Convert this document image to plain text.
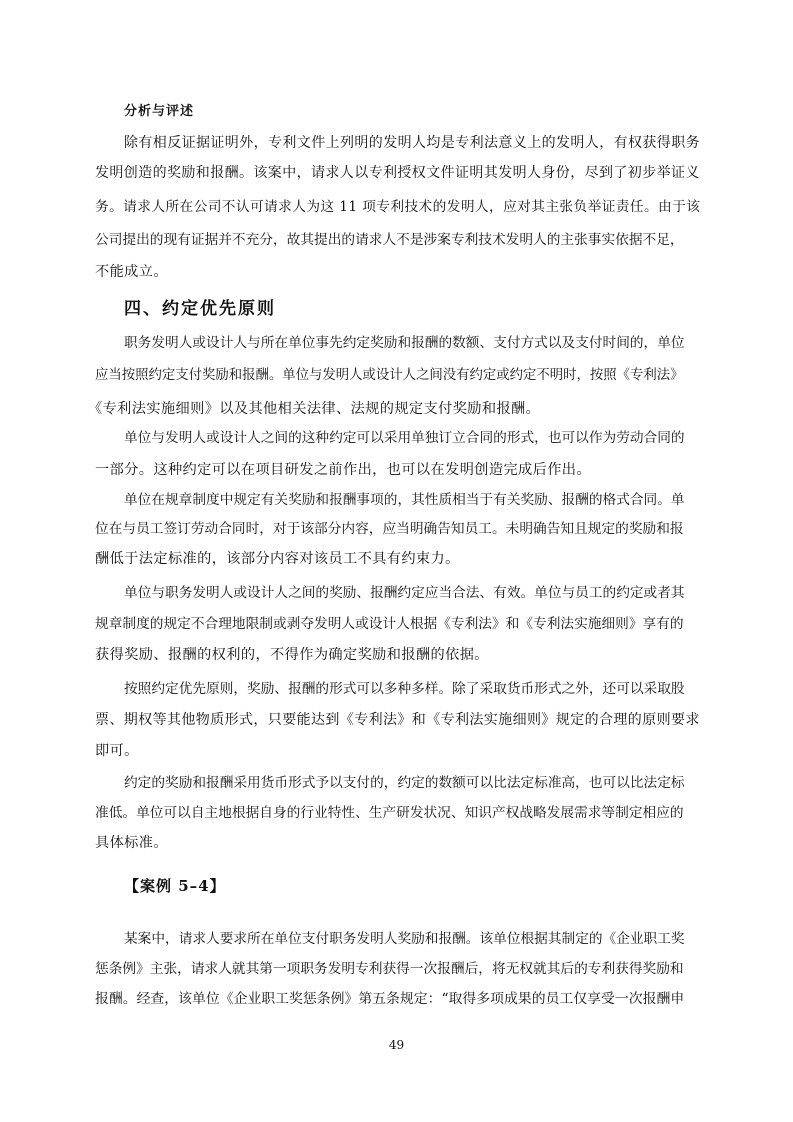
分析与评述
除有相反证据证明外，专利文件上列明的发明人均是专利法意义上的发明人，有权获得职务
发明创造的奖励和报酬。该案中，请求人以专利授权文件证明其发明人身份，尽到了初步举证义
务。请求人所在公司不认可请求人为这 11 项专利技术的发明人，应对其主张负举证责任。由于该
公司提出的现有证据并不充分，故其提出的请求人不是涉案专利技术发明人的主张事实依据不足，
不能成立。
四、约定优先原则
职务发明人或设计人与所在单位事先约定奖励和报酬的数额、支付方式以及支付时间的，单位
应当按照约定支付奖励和报酬。单位与发明人或设计人之间没有约定或约定不明时，按照《专利法》
《专利法实施细则》以及其他相关法律、法规的规定支付奖励和报酬。
单位与发明人或设计人之间的这种约定可以采用单独订立合同的形式，也可以作为劳动合同的
一部分。这种约定可以在项目研发之前作出，也可以在发明创造完成后作出。
单位在规章制度中规定有关奖励和报酬事项的，其性质相当于有关奖励、报酬的格式合同。单
位在与员工签订劳动合同时，对于该部分内容，应当明确告知员工。未明确告知且规定的奖励和报
酬低于法定标准的，该部分内容对该员工不具有约束力。
单位与职务发明人或设计人之间的奖励、报酬约定应当合法、有效。单位与员工的约定或者其
规章制度的规定不合理地限制或剥夺发明人或设计人根据《专利法》和《专利法实施细则》享有的
获得奖励、报酬的权利的，不得作为确定奖励和报酬的依据。
按照约定优先原则，奖励、报酬的形式可以多种多样。除了采取货币形式之外，还可以采取股
票、期权等其他物质形式，只要能达到《专利法》和《专利法实施细则》规定的合理的原则要求
即可。
约定的奖励和报酬采用货币形式予以支付的，约定的数额可以比法定标准高，也可以比法定标
准低。单位可以自主地根据自身的行业特性、生产研发状况、知识产权战略发展需求等制定相应的
具体标准。
【案例 5–4】
某案中，请求人要求所在单位支付职务发明人奖励和报酬。该单位根据其制定的《企业职工奖
惩条例》主张，请求人就其第一项职务发明专利获得一次报酬后，将无权就其后的专利获得奖励和
报酬。经查，该单位《企业职工奖惩条例》第五条规定：“取得多项成果的员工仅享受一次报酬申
49
